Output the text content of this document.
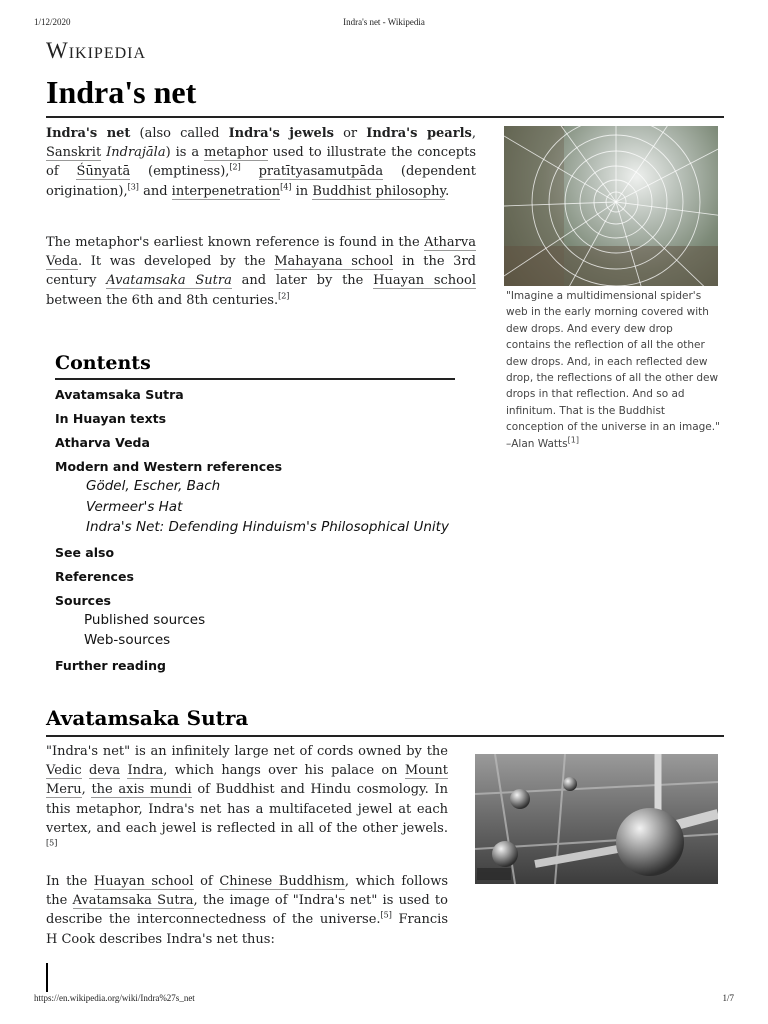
1/12/2020	Indra's net - Wikipedia
Wikipedia
Indra's net

Indra's net (also called Indra's jewels or Indra's pearls, Sanskrit Indrajāla) is a metaphor used to illustrate the concepts of Śūnyatā (emptiness),[2] pratītyasamutpāda (dependent origination),[3] and interpenetration[4] in Buddhist philosophy.

The metaphor's earliest known reference is found in the Atharva Veda. It was developed by the Mahayana school in the 3rd century Avatamsaka Sutra and later by the Huayan school between the 6th and 8th centuries.[2]	"Imagine a multidimensional spider's web in the early morning covered with dew drops. And every dew drop contains the reflection of all the other dew drops. And, in each reflected dew drop, the reflections of all the other dew drops in that reflection. And so ad infinitum. That is the Buddhist conception of the universe in an image." –Alan Watts[1]

Contents
Avatamsaka Sutra
In Huayan texts
Atharva Veda
Modern and Western references
Gödel, Escher, Bach
Vermeer's Hat
Indra's Net: Defending Hinduism's Philosophical Unity
See also
References
Sources
Published sources
Web-sources
Further reading
Avatamsaka Sutra

"Indra's net" is an infinitely large net of cords owned by the Vedic deva Indra, which hangs over his palace on Mount Meru, the axis mundi of Buddhist and Hindu cosmology. In this metaphor, Indra's net has a multifaceted jewel at each vertex, and each jewel is reflected in all of the other jewels.[5]

In the Huayan school of Chinese Buddhism, which follows the Avatamsaka Sutra, the image of "Indra's net" is used to describe the interconnectedness of the universe.[5] Francis H Cook describes Indra's net thus:

https://en.wikipedia.org/wiki/Indra%27s_net	1/7
